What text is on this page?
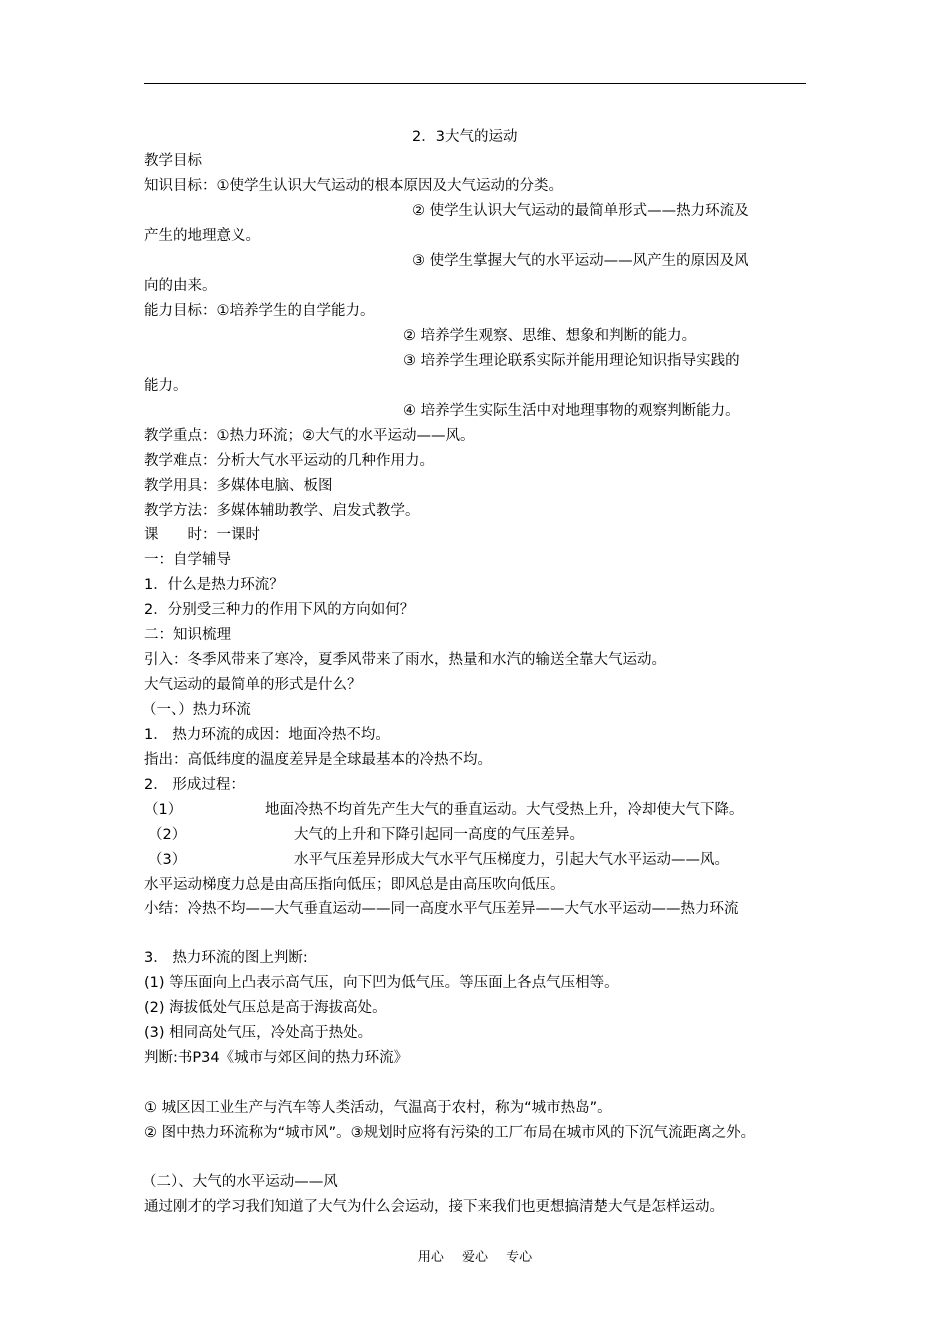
2．3大气的运动
教学目标
知识目标：①使学生认识大气运动的根本原因及大气运动的分类。
② 使学生认识大气运动的最简单形式——热力环流及
产生的地理意义。
③ 使学生掌握大气的水平运动——风产生的原因及风
向的由来。
能力目标：①培养学生的自学能力。
② 培养学生观察、思维、想象和判断的能力。
③ 培养学生理论联系实际并能用理论知识指导实践的
能力。
④ 培养学生实际生活中对地理事物的观察判断能力。
教学重点：①热力环流；②大气的水平运动——风。
教学难点：分析大气水平运动的几种作用力。
教学用具：多媒体电脑、板图
教学方法：多媒体辅助教学、启发式教学。
课　　时：一课时
一：自学辅导
1．什么是热力环流？
2．分别受三种力的作用下风的方向如何？
二：知识梳理
引入：冬季风带来了寒冷，夏季风带来了雨水，热量和水汽的输送全靠大气运动。
大气运动的最简单的形式是什么？
（一、）热力环流
1． 热力环流的成因：地面冷热不均。
指出：高低纬度的温度差异是全球最基本的冷热不均。
2． 形成过程：
（1）	地面冷热不均首先产生大气的垂直运动。大气受热上升，冷却使大气下降。
（2）	大气的上升和下降引起同一高度的气压差异。
（3）	水平气压差异形成大气水平气压梯度力，引起大气水平运动——风。
水平运动梯度力总是由高压指向低压；即风总是由高压吹向低压。
小结：冷热不均——大气垂直运动——同一高度水平气压差异——大气水平运动——热力环流
3． 热力环流的图上判断:
(1) 等压面向上凸表示高气压，向下凹为低气压。等压面上各点气压相等。
(2) 海拔低处气压总是高于海拔高处。
(3) 相同高处气压，冷处高于热处。
判断:书P34《城市与郊区间的热力环流》
① 城区因工业生产与汽车等人类活动，气温高于农村，称为“城市热岛”。
② 图中热力环流称为“城市风”。③规划时应将有污染的工厂布局在城市风的下沉气流距离之外。
（二）、大气的水平运动——风
通过刚才的学习我们知道了大气为什么会运动，接下来我们也更想搞清楚大气是怎样运动。
用心 爱心 专心
